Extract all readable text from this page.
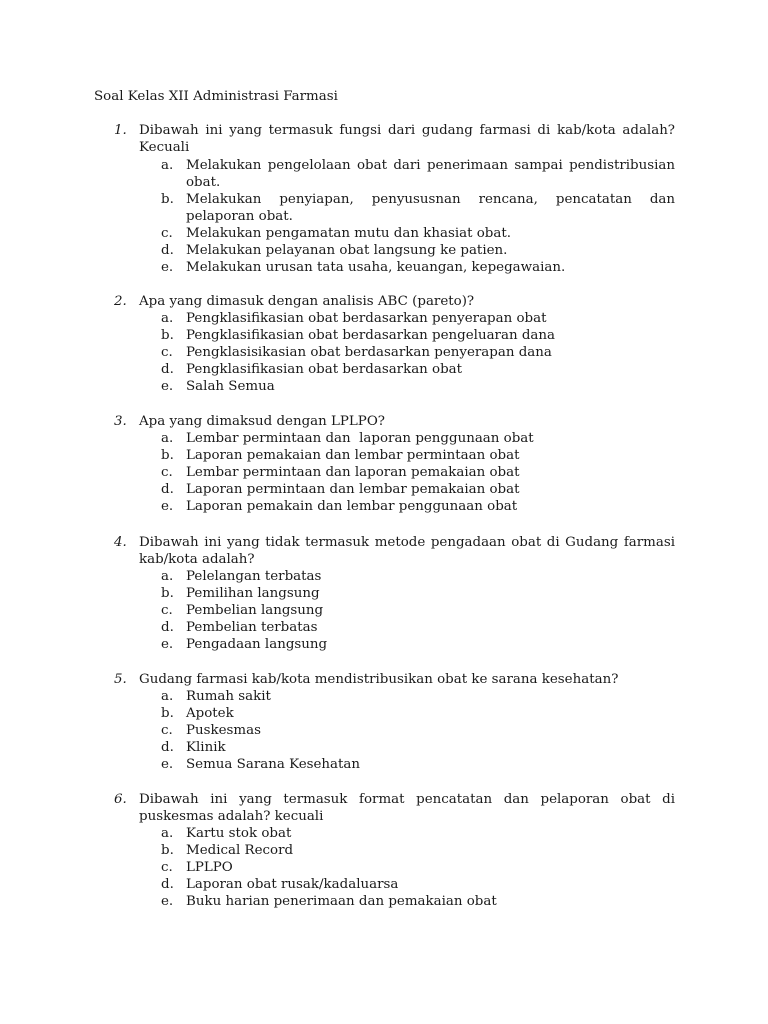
Soal Kelas XII Administrasi Farmasi
1. Dibawah ini yang termasuk fungsi dari gudang farmasi di kab/kota adalah? Kecuali
a. Melakukan pengelolaan obat dari penerimaan sampai pendistribusian obat.
b. Melakukan penyiapan, penyususnan rencana, pencatatan dan pelaporan obat.
c. Melakukan pengamatan mutu dan khasiat obat.
d. Melakukan pelayanan obat langsung ke patien.
e. Melakukan urusan tata usaha, keuangan, kepegawaian.
2. Apa yang dimasuk dengan analisis ABC (pareto)?
a. Pengklasifikasian obat berdasarkan penyerapan obat
b. Pengklasifikasian obat berdasarkan pengeluaran dana
c. Pengklasisikasian obat berdasarkan penyerapan dana
d. Pengklasifikasian obat berdasarkan obat
e. Salah Semua
3. Apa yang dimaksud dengan LPLPO?
a. Lembar permintaan dan  laporan penggunaan obat
b. Laporan pemakaian dan lembar permintaan obat
c. Lembar permintaan dan laporan pemakaian obat
d. Laporan permintaan dan lembar pemakaian obat
e. Laporan pemakain dan lembar penggunaan obat
4. Dibawah ini yang tidak termasuk metode pengadaan obat di Gudang farmasi kab/kota adalah?
a. Pelelangan terbatas
b. Pemilihan langsung
c. Pembelian langsung
d. Pembelian terbatas
e. Pengadaan langsung
5. Gudang farmasi kab/kota mendistribusikan obat ke sarana kesehatan?
a. Rumah sakit
b. Apotek
c. Puskesmas
d. Klinik
e. Semua Sarana Kesehatan
6. Dibawah ini yang termasuk format pencatatan dan pelaporan obat di puskesmas adalah? kecuali
a. Kartu stok obat
b. Medical Record
c. LPLPO
d. Laporan obat rusak/kadaluarsa
e. Buku harian penerimaan dan pemakaian obat
